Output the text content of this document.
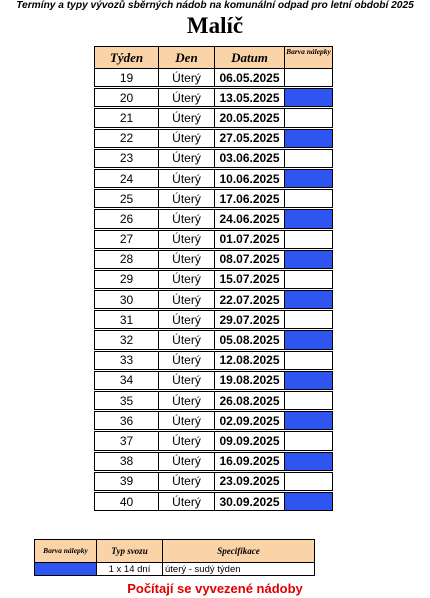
Termíny a typy vývozů sběrných nádob na komunální odpad pro letní období 2025
Malíč
Týden	Den	Datum	Barva nálepky
19	Úterý	06.05.2025	

20	Úterý	13.05.2025	

21	Úterý	20.05.2025	

22	Úterý	27.05.2025	

23	Úterý	03.06.2025	

24	Úterý	10.06.2025	

25	Úterý	17.06.2025	

26	Úterý	24.06.2025	

27	Úterý	01.07.2025	

28	Úterý	08.07.2025	

29	Úterý	15.07.2025	

30	Úterý	22.07.2025	

31	Úterý	29.07.2025	

32	Úterý	05.08.2025	

33	Úterý	12.08.2025	

34	Úterý	19.08.2025	

35	Úterý	26.08.2025	

36	Úterý	02.09.2025	

37	Úterý	09.09.2025	

38	Úterý	16.09.2025	

39	Úterý	23.09.2025	

40	Úterý	30.09.2025	
Barva nálepky	Typ svozu	Specifikace
	1 x 14 dní	úterý - sudý týden
Počítají se vyvezené nádoby
